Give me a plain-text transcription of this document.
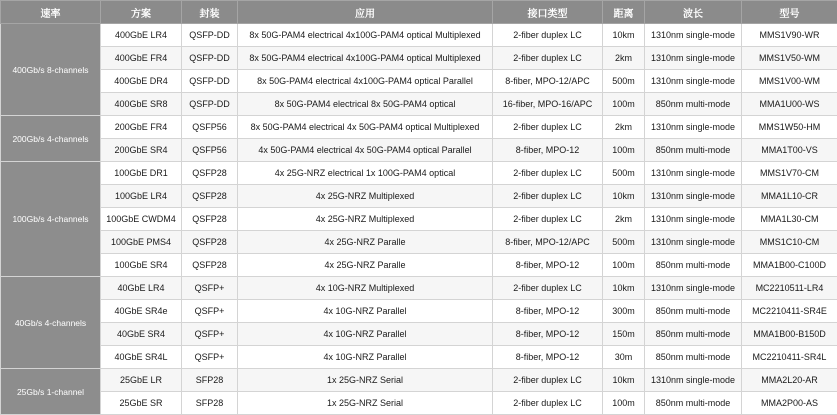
速率	方案	封装	应用	接口类型	距离	波长	型号
400Gb/s 8-channels	400GbE LR4	QSFP-DD	8x 50G-PAM4 electrical 4x100G-PAM4 optical Multiplexed	2-fiber duplex LC	10km	1310nm single-mode	MMS1V90-WR
	400GbE FR4	QSFP-DD	8x 50G-PAM4 electrical 4x100G-PAM4 optical Multiplexed	2-fiber duplex LC	2km	1310nm single-mode	MMS1V50-WM
	400GbE DR4	QSFP-DD	8x 50G-PAM4 electrical 4x100G-PAM4 optical Parallel	8-fiber, MPO-12/APC	500m	1310nm single-mode	MMS1V00-WM
	400GbE SR8	QSFP-DD	8x 50G-PAM4 electrical 8x 50G-PAM4 optical	16-fiber, MPO-16/APC	100m	850nm multi-mode	MMA1U00-WS
200Gb/s 4-channels	200GbE FR4	QSFP56	8x 50G-PAM4 electrical 4x 50G-PAM4 optical Multiplexed	2-fiber duplex LC	2km	1310nm single-mode	MMS1W50-HM
	200GbE SR4	QSFP56	4x 50G-PAM4 electrical 4x 50G-PAM4 optical Parallel	8-fiber, MPO-12	100m	850nm multi-mode	MMA1T00-VS
100Gb/s 4-channels	100GbE DR1	QSFP28	4x 25G-NRZ electrical 1x 100G-PAM4 optical	2-fiber duplex LC	500m	1310nm single-mode	MMS1V70-CM
	100GbE LR4	QSFP28	4x 25G-NRZ Multiplexed	2-fiber duplex LC	10km	1310nm single-mode	MMA1L10-CR
	100GbE CWDM4	QSFP28	4x 25G-NRZ Multiplexed	2-fiber duplex LC	2km	1310nm single-mode	MMA1L30-CM
	100GbE PMS4	QSFP28	4x 25G-NRZ Paralle	8-fiber, MPO-12/APC	500m	1310nm single-mode	MMS1C10-CM
	100GbE SR4	QSFP28	4x 25G-NRZ Paralle	8-fiber, MPO-12	100m	850nm multi-mode	MMA1B00-C100D
40Gb/s 4-channels	40GbE LR4	QSFP+	4x 10G-NRZ Multiplexed	2-fiber duplex LC	10km	1310nm single-mode	MC2210511-LR4
	40GbE SR4e	QSFP+	4x 10G-NRZ Parallel	8-fiber, MPO-12	300m	850nm multi-mode	MC2210411-SR4E
	40GbE SR4	QSFP+	4x 10G-NRZ Parallel	8-fiber, MPO-12	150m	850nm multi-mode	MMA1B00-B150D
	40GbE SR4L	QSFP+	4x 10G-NRZ Parallel	8-fiber, MPO-12	30m	850nm multi-mode	MC2210411-SR4L
25Gb/s 1-channel	25GbE LR	SFP28	1x 25G-NRZ Serial	2-fiber duplex LC	10km	1310nm single-mode	MMA2L20-AR
	25GbE SR	SFP28	1x 25G-NRZ Serial	2-fiber duplex LC	100m	850nm multi-mode	MMA2P00-AS
